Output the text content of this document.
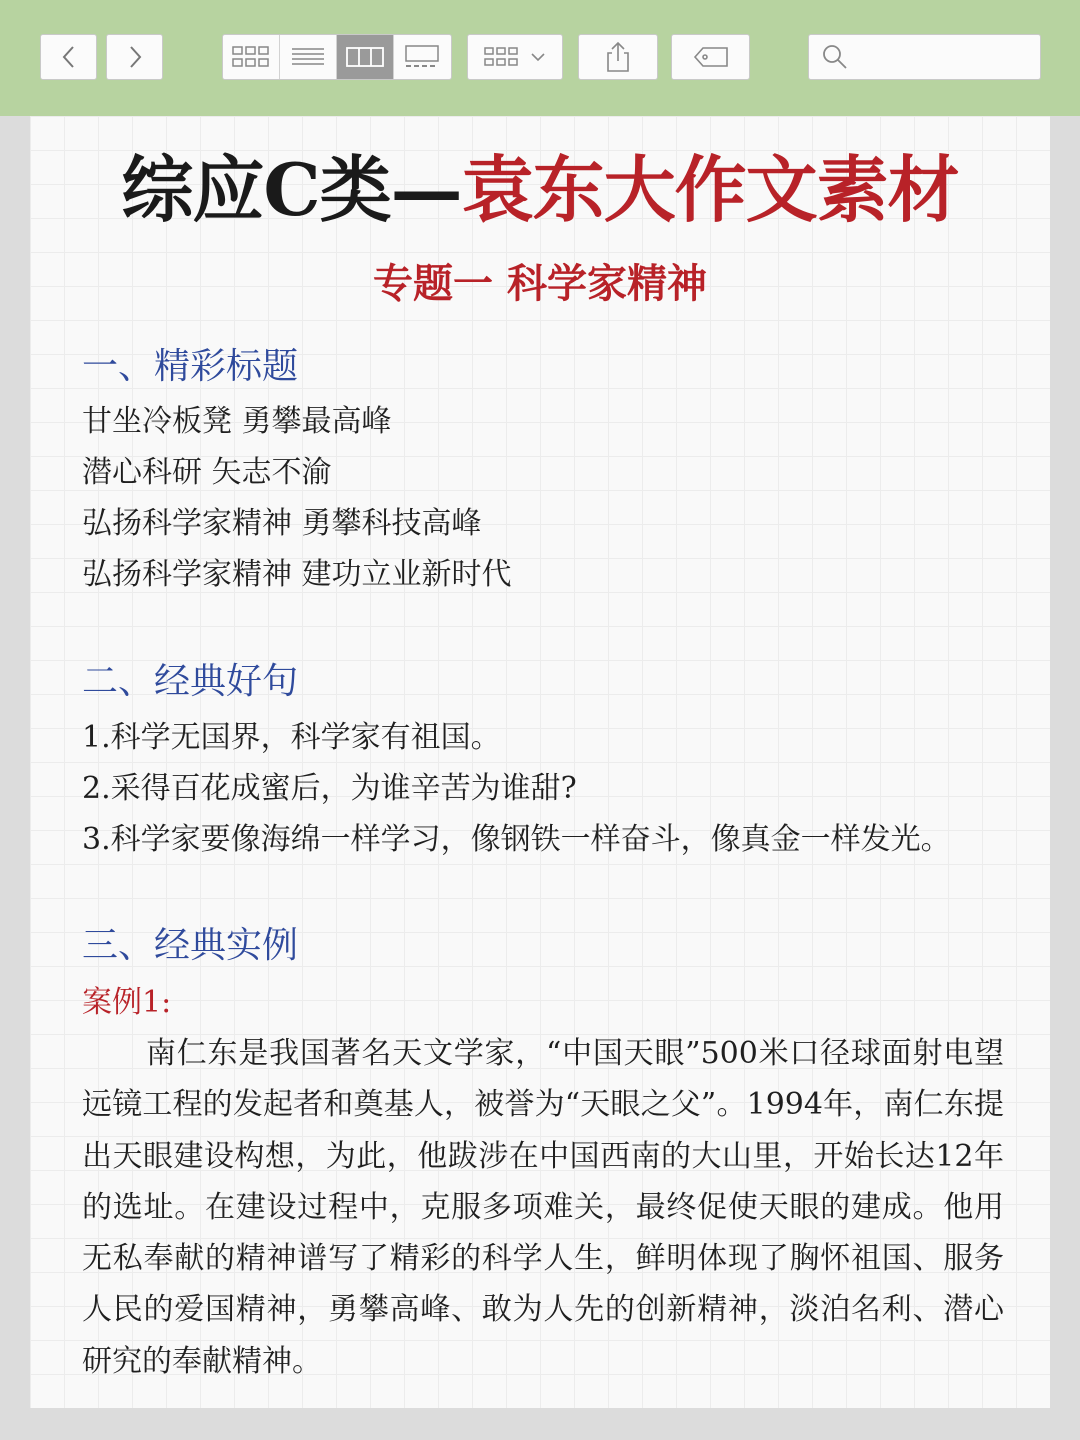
综应C类—袁东大作文素材
专题一 科学家精神
一、精彩标题
甘坐冷板凳 勇攀最高峰
潜心科研 矢志不渝
弘扬科学家精神 勇攀科技高峰
弘扬科学家精神 建功立业新时代
二、经典好句
1.科学无国界，科学家有祖国。
2.采得百花成蜜后，为谁辛苦为谁甜?
3.科学家要像海绵一样学习，像钢铁一样奋斗，像真金一样发光。
三、经典实例
案例1:

南仁东是我国著名天文学家，“中国天眼”500米口径球面射电望远镜工程的发起者和奠基人，被誉为“天眼之父”。1994年，南仁东提出天眼建设构想，为此，他跋涉在中国西南的大山里，开始长达12年的选址。在建设过程中，克服多项难关，最终促使天眼的建成。他用无私奉献的精神谱写了精彩的科学人生，鲜明体现了胸怀祖国、服务人民的爱国精神，勇攀高峰、敢为人先的创新精神，淡泊名利、潜心研究的奉献精神。
